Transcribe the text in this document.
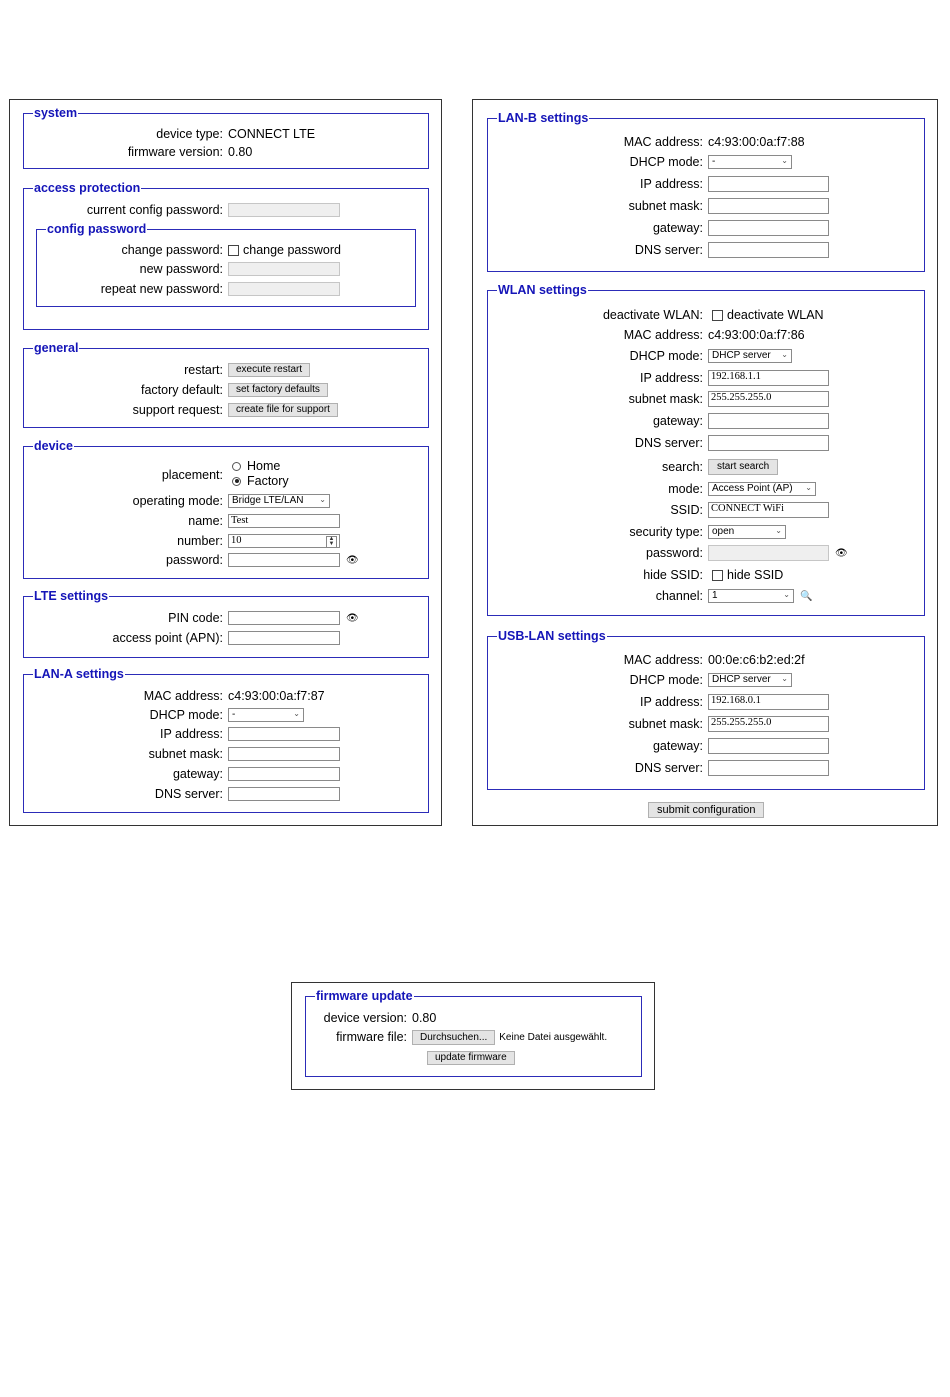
system
device type: CONNECT LTE
firmware version: 0.80
access protection
current config password:
config password
change password: change password
new password:
repeat new password:
general
restart:	execute restart
factory default:	set factory defaults
support request:	create file for support
device
placement:
Home
Factory
operating mode: Bridge LTE/LAN ⌄
name: Test
number: 10	▲
▼
password:	👁
LTE settings
PIN code:	👁
access point (APN):
LAN-A settings
MAC address: c4:93:00:0a:f7:87
DHCP mode: -	⌄
IP address:
subnet mask:
gateway:
DNS server:
LAN-B settings
MAC address: c4:93:00:0a:f7:88
DHCP mode: -	⌄
IP address:
subnet mask:
gateway:
DNS server:
WLAN settings
deactivate WLAN: deactivate WLAN
MAC address: c4:93:00:0a:f7:86
DHCP mode: DHCP server ⌄
IP address: 192.168.1.1
subnet mask: 255.255.255.0
gateway:
DNS server:
search:	start search
mode: Access Point (AP) ⌄
SSID: CONNECT WiFi
security type: open	⌄
password:	👁
hide SSID: hide SSID
channel: 1	⌄ 🔍
USB-LAN settings
MAC address: 00:0e:c6:b2:ed:2f
DHCP mode: DHCP server ⌄
IP address: 192.168.0.1
subnet mask: 255.255.255.0
gateway:
DNS server:
submit configuration
firmware update
device version: 0.80
firmware file:	Durchsuchen...	Keine Datei ausgewählt.
update firmware
